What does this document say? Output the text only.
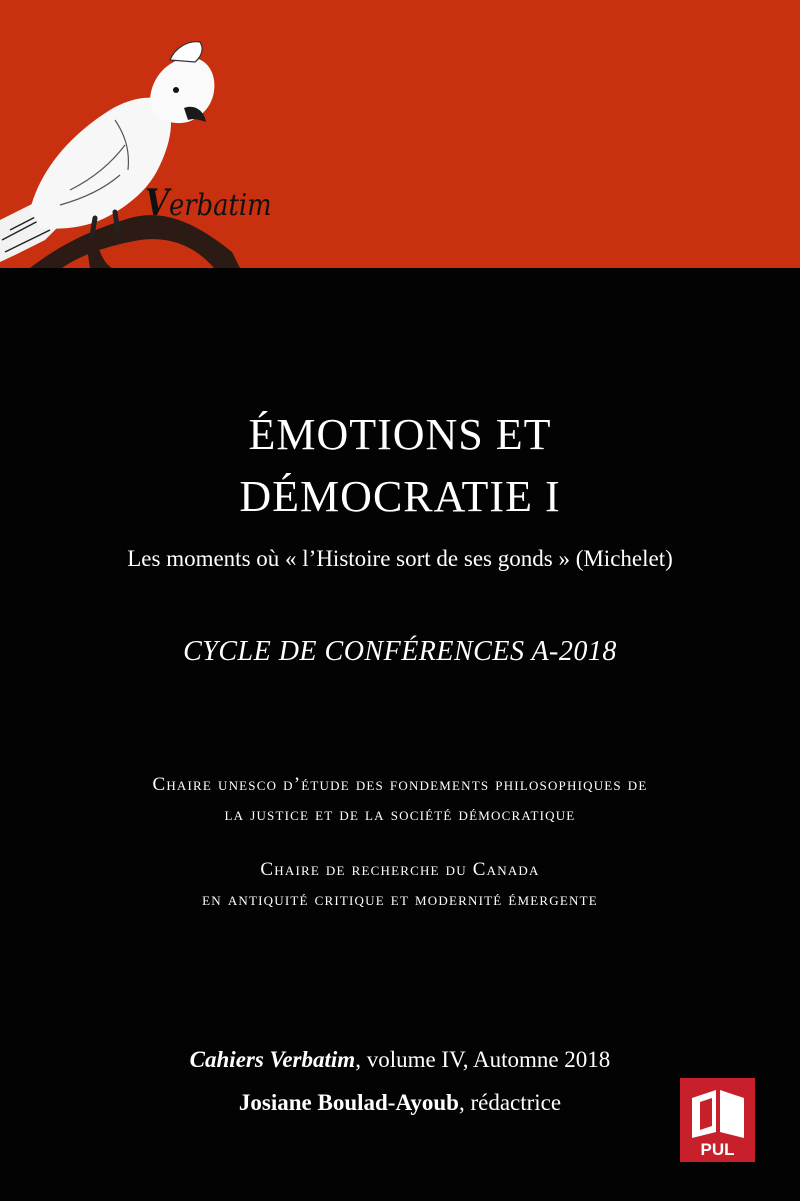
Verbatim
ÉMOTIONS ET
DÉMOCRATIE I
Les moments où « l’Histoire sort de ses gonds » (Michelet)
CYCLE DE CONFÉRENCES A-2018
Chaire unesco d’étude des fondements philosophiques de
la justice et de la société démocratique
Chaire de recherche du Canada
en antiquité critique et modernité émergente
Cahiers Verbatim, volume IV, Automne 2018
Josiane Boulad-Ayoub, rédactrice
PUL
